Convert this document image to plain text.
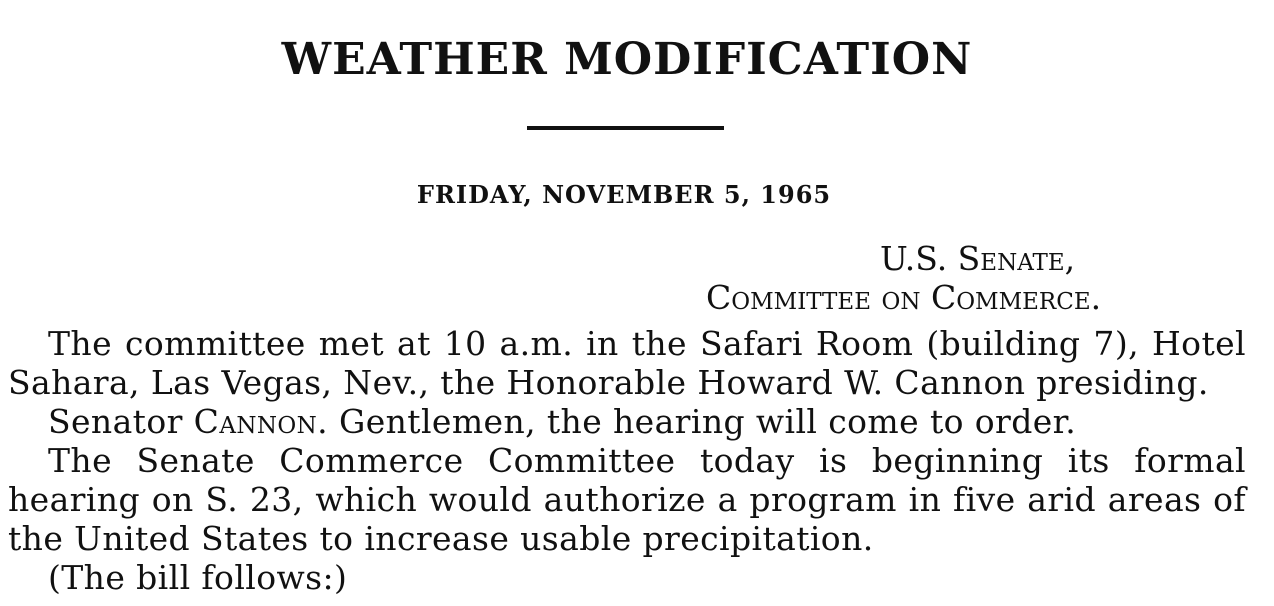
WEATHER MODIFICATION
FRIDAY, NOVEMBER 5, 1965
U.S. Senate,
Committee on Commerce.

The committee met at 10 a.m. in the Safari Room (building 7), Hotel Sahara, Las Vegas, Nev., the Honorable Howard W. Cannon presiding.

Senator Cannon. Gentlemen, the hearing will come to order.

The Senate Commerce Committee today is beginning its formal hearing on S. 23, which would authorize a program in five arid areas of the United States to increase usable precipitation.

(The bill follows:)
